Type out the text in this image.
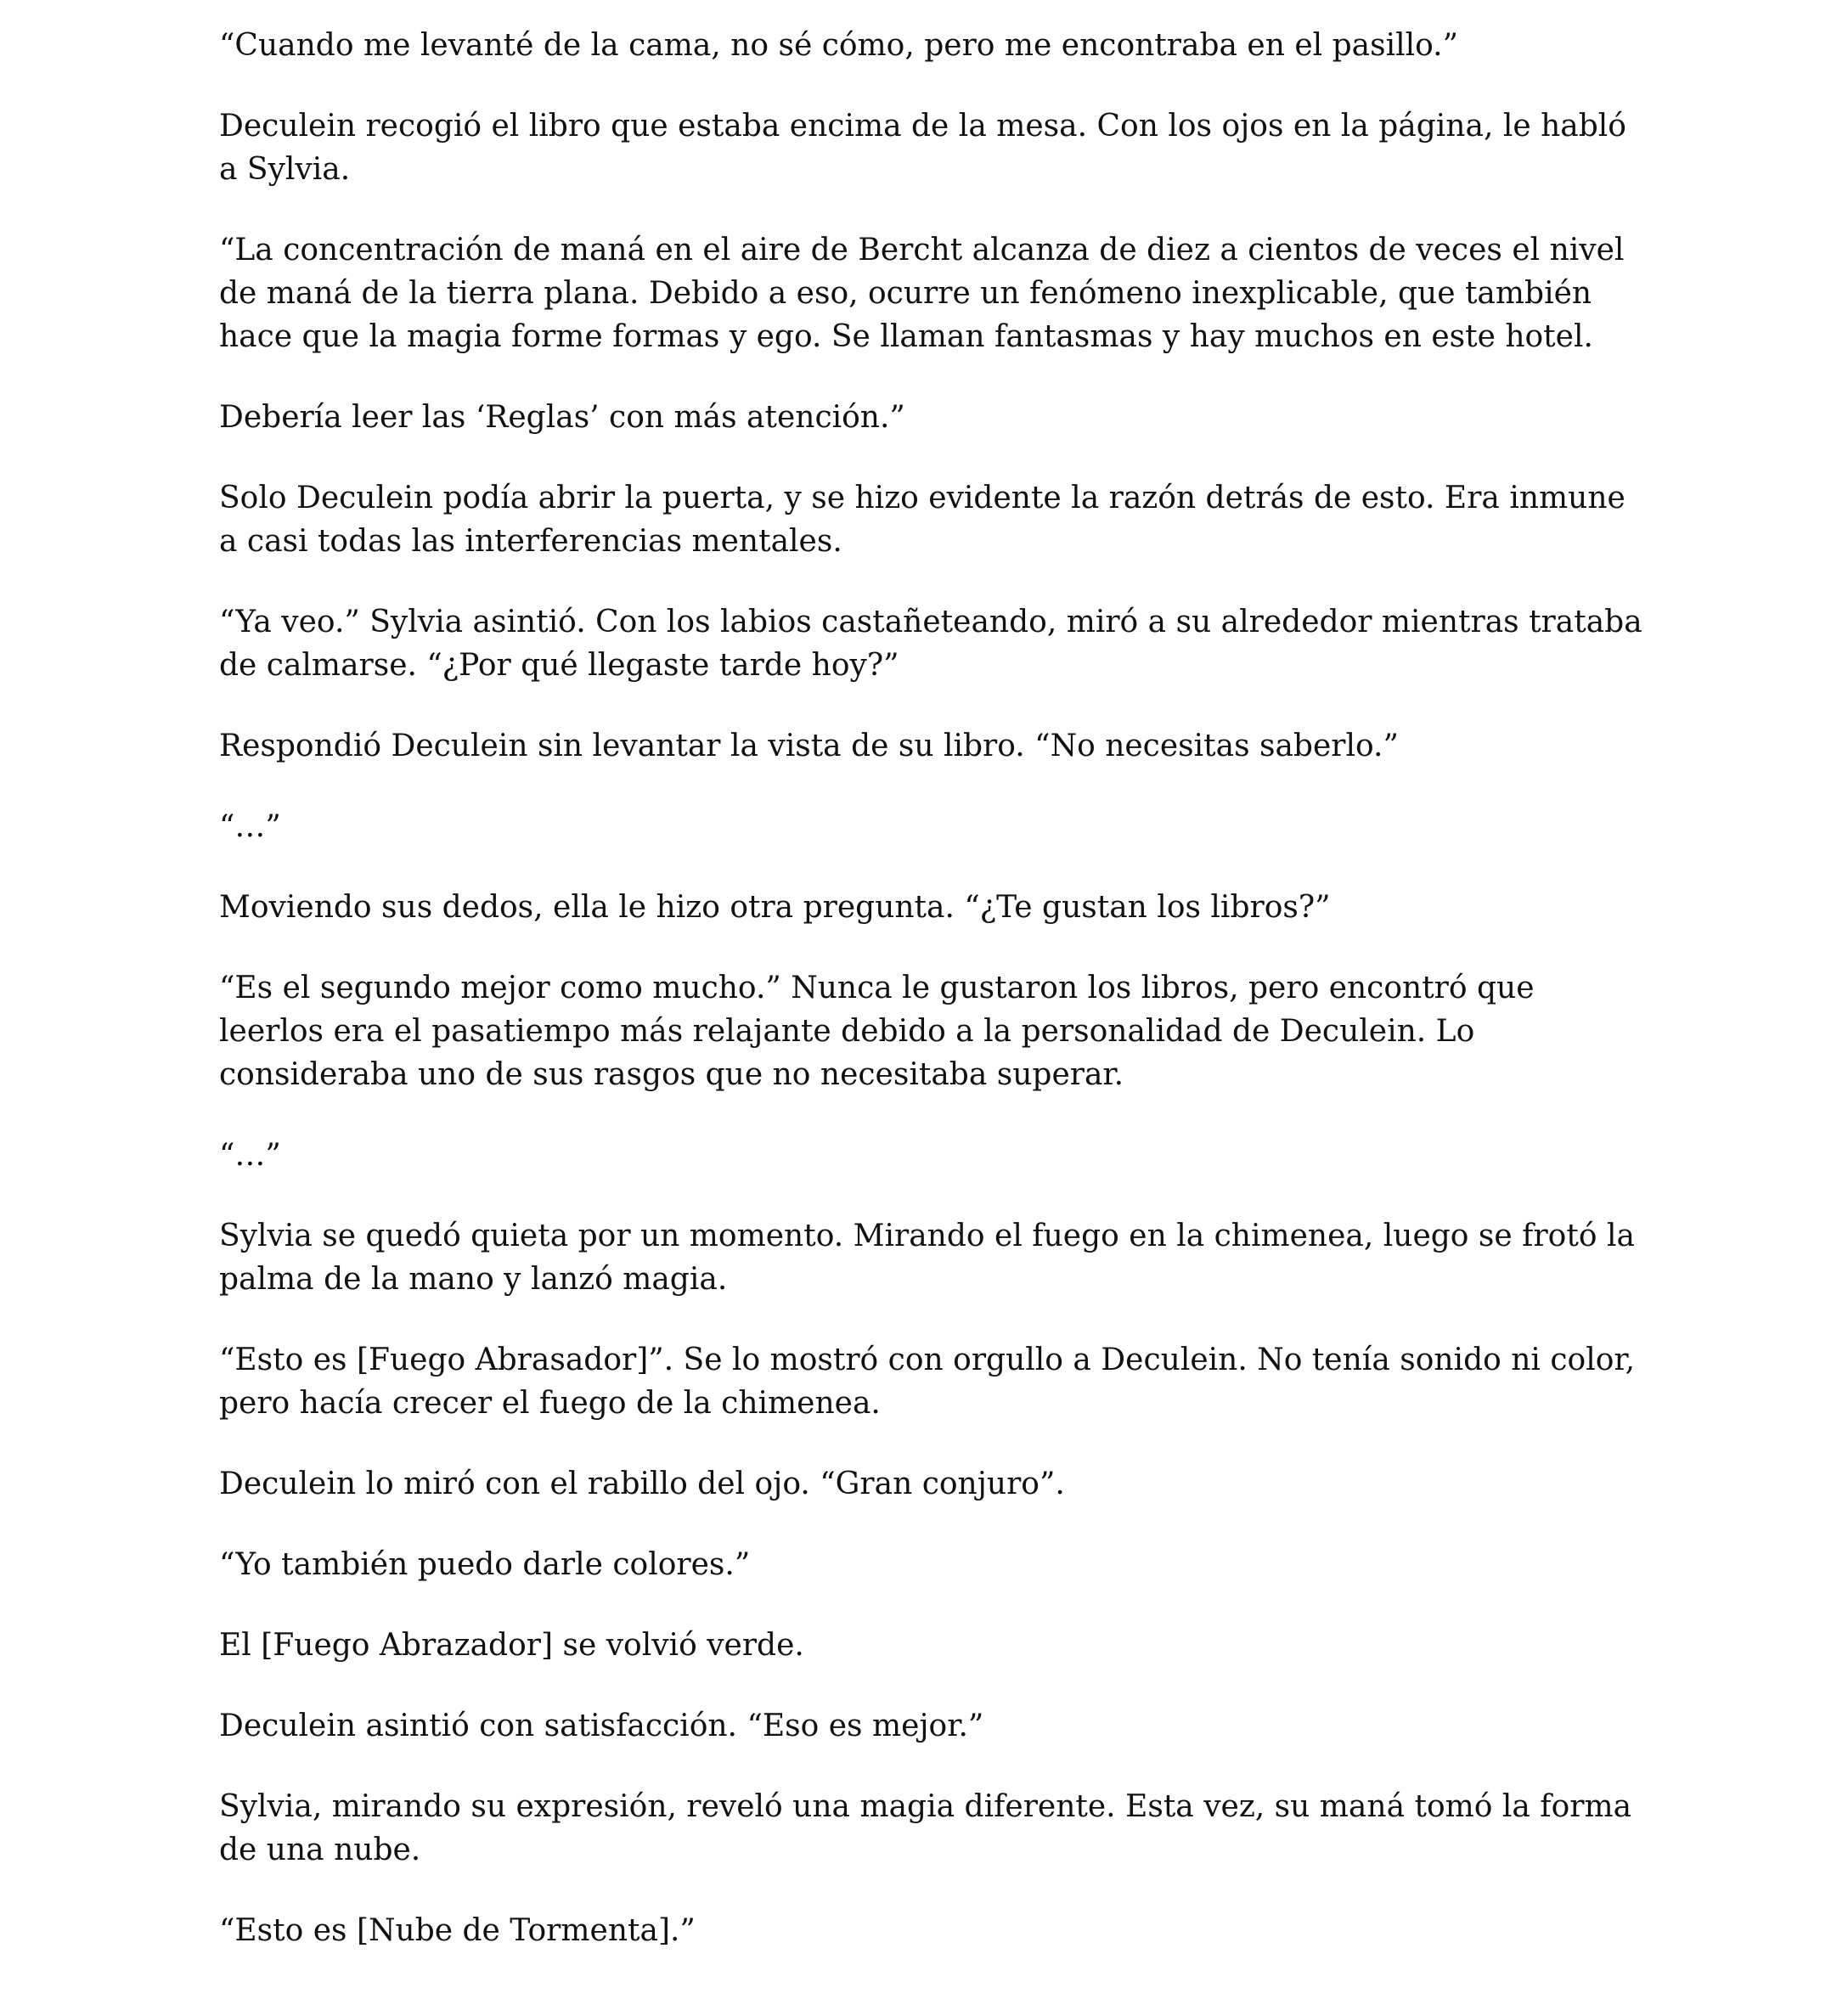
“Cuando me levanté de la cama, no sé cómo, pero me encontraba en el pasillo.”

Deculein recogió el libro que estaba encima de la mesa. Con los ojos en la página, le habló a Sylvia.

“La concentración de maná en el aire de Bercht alcanza de diez a cientos de veces el nivel de maná de la tierra plana. Debido a eso, ocurre un fenómeno inexplicable, que también hace que la magia forme formas y ego. Se llaman fantasmas y hay muchos en este hotel.

Debería leer las ‘Reglas’ con más atención.”

Solo Deculein podía abrir la puerta, y se hizo evidente la razón detrás de esto. Era inmune a casi todas las interferencias mentales.

“Ya veo.” Sylvia asintió. Con los labios castañeteando, miró a su alrededor mientras trataba de calmarse. “¿Por qué llegaste tarde hoy?”

Respondió Deculein sin levantar la vista de su libro. “No necesitas saberlo.”

“…”

Moviendo sus dedos, ella le hizo otra pregunta. “¿Te gustan los libros?”

“Es el segundo mejor como mucho.” Nunca le gustaron los libros, pero encontró que leerlos era el pasatiempo más relajante debido a la personalidad de Deculein. Lo consideraba uno de sus rasgos que no necesitaba superar.

“…”

Sylvia se quedó quieta por un momento. Mirando el fuego en la chimenea, luego se frotó la palma de la mano y lanzó magia.

“Esto es [Fuego Abrasador]”. Se lo mostró con orgullo a Deculein. No tenía sonido ni color, pero hacía crecer el fuego de la chimenea.

Deculein lo miró con el rabillo del ojo. “Gran conjuro”.

“Yo también puedo darle colores.”

El [Fuego Abrazador] se volvió verde.

Deculein asintió con satisfacción. “Eso es mejor.”

Sylvia, mirando su expresión, reveló una magia diferente. Esta vez, su maná tomó la forma de una nube.

“Esto es [Nube de Tormenta].”
